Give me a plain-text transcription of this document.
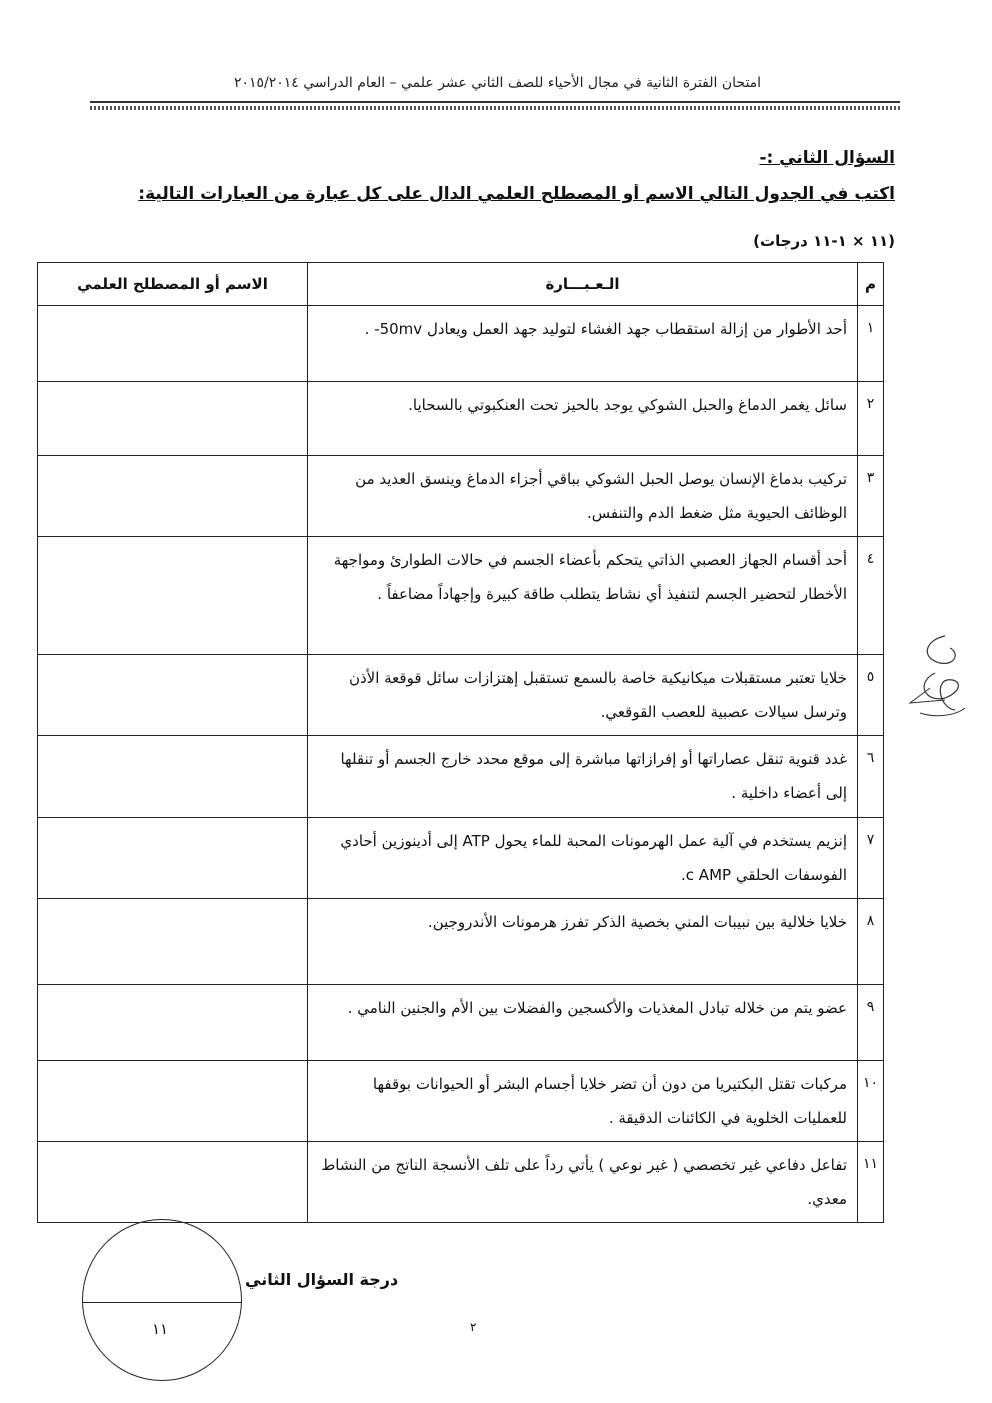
امتحان الفترة الثانية في مجال الأحياء للصف الثاني عشر علمي – العام الدراسي ٢٠١٥/٢٠١٤
السؤال الثاني :-
اكتب في الجدول التالي الاسم أو المصطلح العلمي الدال على كل عبارة من العبارات التالية:
(١١ × ١-١١ درجات)
م	الـعـبـــارة	الاسم أو المصطلح العلمي
١	أحد الأطوار من إزالة استقطاب جهد الغشاء لتوليد جهد العمل ويعادل ‎-50mv‎ .	
٢	سائل يغمر الدماغ والحبل الشوكي يوجد بالحيز تحت العنكبوتي بالسحايا.	
٣	تركيب بدماغ الإنسان يوصل الحبل الشوكي بباقي أجزاء الدماغ وينسق العديد من الوظائف الحيوية مثل ضغط الدم والتنفس.	
٤	أحد أقسام الجهاز العصبي الذاتي يتحكم بأعضاء الجسم في حالات الطوارئ ومواجهة الأخطار لتحضير الجسم لتنفيذ أي نشاط يتطلب طاقة كبيرة وإجهاداً مضاعفاً .	
٥	خلايا تعتبر مستقبلات ميكانيكية خاصة بالسمع تستقبل إهتزازات سائل قوقعة الأذن وترسل سيالات عصبية للعصب القوقعي.	
٦	غدد قنوية تنقل عصاراتها أو إفرازاتها مباشرة إلى موقع محدد خارج الجسم أو تنقلها إلى أعضاء داخلية .	
٧	إنزيم يستخدم في آلية عمل الهرمونات المحبة للماء يحول ATP إلى أدينوزين أحادي الفوسفات الحلقي c AMP.	
٨	خلايا خلالية بين نبيبات المني بخصية الذكر تفرز هرمونات الأندروجين.	
٩	عضو يتم من خلاله تبادل المغذيات والأكسجين والفضلات بين الأم والجنين النامي .	
١٠	مركبات تقتل البكتيريا من دون أن تضر خلايا أجسام البشر أو الحيوانات بوقفها للعمليات الخلوية في الكائنات الدقيقة .	
١١	تفاعل دفاعي غير تخصصي ( غير نوعي ) يأتي رداً على تلف الأنسجة الناتج من النشاط معدي.	
١١
درجة السؤال الثاني
٢
